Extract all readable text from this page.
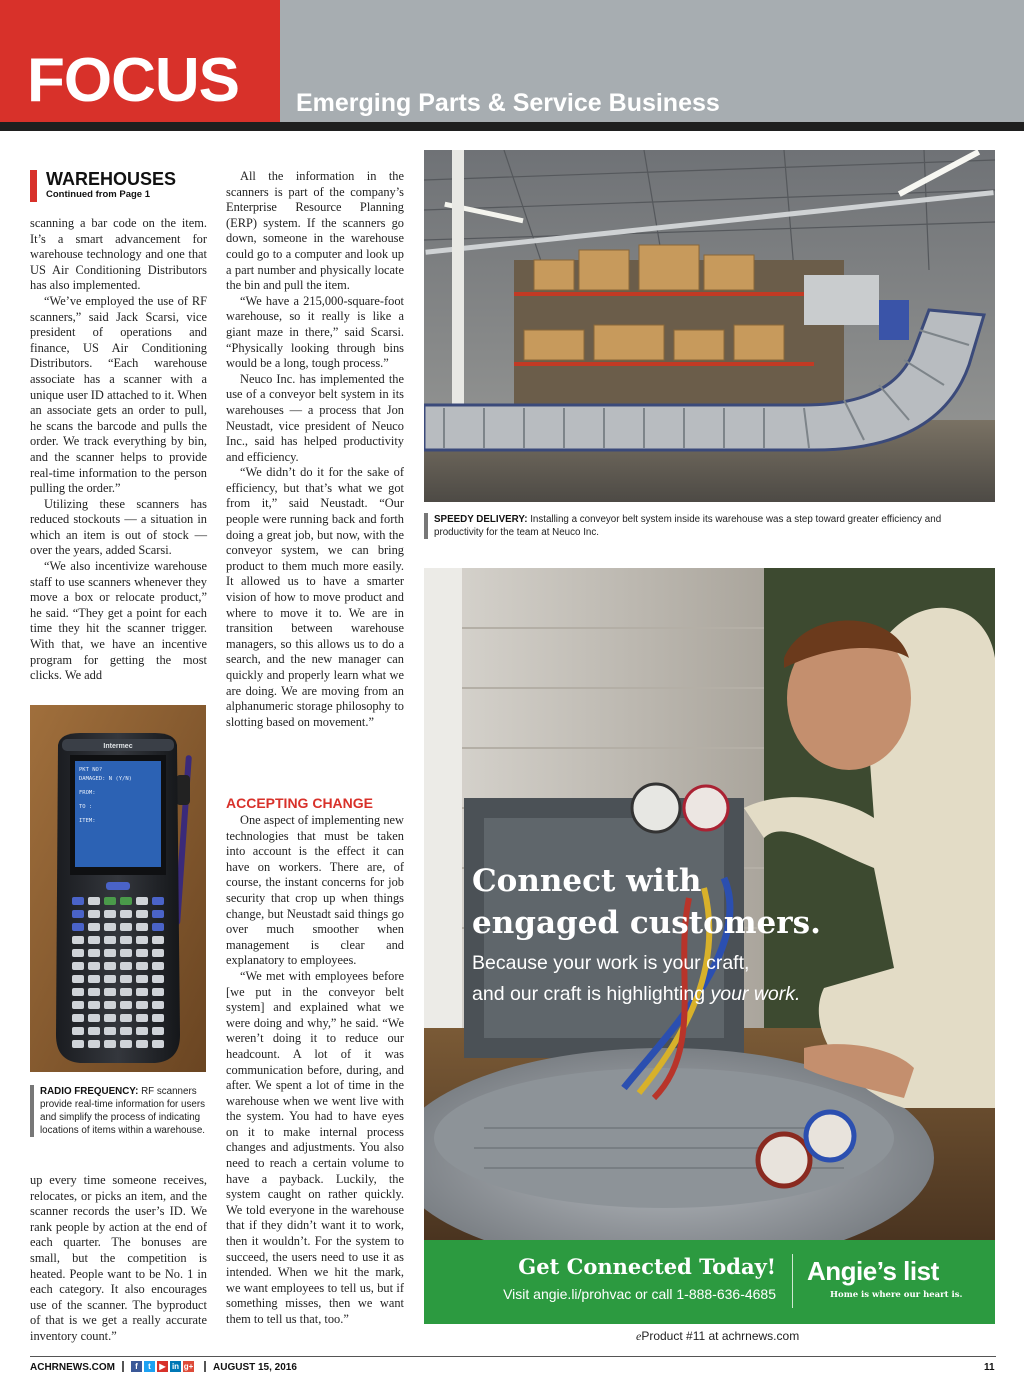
FOCUS Emerging Parts & Service Business
WAREHOUSES
Continued from Page 1

scanning a bar code on the item. It’s a smart advancement for warehouse technology and one that US Air Conditioning Distributors has also implemented.

“We’ve employed the use of RF scanners,” said Jack Scarsi, vice president of operations and finance, US Air Conditioning Distributors. “Each warehouse associate has a scanner with a unique user ID attached to it. When an associate gets an order to pull, he scans the barcode and pulls the order. We track everything by bin, and the scanner helps to provide real-time information to the person pulling the order.”

Utilizing these scanners has reduced stockouts — a situation in which an item is out of stock — over the years, added Scarsi.

“We also incentivize warehouse staff to use scanners whenever they move a box or relocate product,” he said. “They get a point for each time they hit the scanner trigger. With that, we have an incentive program for getting the most clicks. We add

Intermec
PKT NO?
DAMAGED: N (Y/N)
FROM:
TO :
ITEM:
RADIO FREQUENCY: RF scanners provide real-time information for users and simplify the process of indicating locations of items within a warehouse.

up every time someone receives, relocates, or picks an item, and the scanner records the user’s ID. We rank people by action at the end of each quarter. The bonuses are small, but the competition is heated. People want to be No. 1 in each category. It also encourages use of the scanner. The byproduct of that is we get a really accurate inventory count.”

All the information in the scanners is part of the company’s Enterprise Resource Planning (ERP) system. If the scanners go down, someone in the warehouse could go to a computer and look up a part number and physically locate the bin and pull the item.

“We have a 215,000-square-foot warehouse, so it really is like a giant maze in there,” said Scarsi. “Physically looking through bins would be a long, tough process.”

Neuco Inc. has implemented the use of a conveyor belt system in its warehouses — a process that Jon Neustadt, vice president of Neuco Inc., said has helped productivity and efficiency.

“We didn’t do it for the sake of efficiency, but that’s what we got from it,” said Neustadt. “Our people were running back and forth doing a great job, but now, with the conveyor system, we can bring product to them much more easily. It allowed us to have a smarter vision of how to move product and where to move it to. We are in transition between warehouse managers, so this allows us to do a search, and the new manager can quickly and properly learn what we are doing. We are moving from an alphanumeric storage philosophy to slotting based on movement.”

ACCEPTING CHANGE

One aspect of implementing new technologies that must be taken into account is the effect it can have on workers. There are, of course, the instant concerns for job security that crop up when things change, but Neustadt said things go over much smoother when management is clear and explanatory to employees.

“We met with employees before [we put in the conveyor belt system] and explained what we were doing and why,” he said. “We weren’t doing it to reduce our headcount. A lot of it was communication before, during, and after. We spent a lot of time in the warehouse when we went live with the system. You had to have eyes on it to make internal process changes and adjustments. You also need to reach a certain volume to have a payback. Luckily, the system caught on rather quickly. We told everyone in the warehouse that if they didn’t want it to work, then it wouldn’t. For the system to succeed, the users need to use it as intended. When we hit the mark, we want employees to tell us, but if something misses, then we want them to tell us that, too.”

SPEEDY DELIVERY: Installing a conveyor belt system inside its warehouse was a step toward greater efficiency and productivity for the team at Neuco Inc.
Connect with
engaged customers.
Because your work is your craft,
and our craft is highlighting your work.
Get Connected Today!
Visit angie.li/prohvac or call 1-888-636-4685
Angie’s list
Home is where our heart is.
eProduct #11 at achrnews.com
ACHRNEWS.COM	f	t	▶ in g+ AUGUST 15, 2016	11
